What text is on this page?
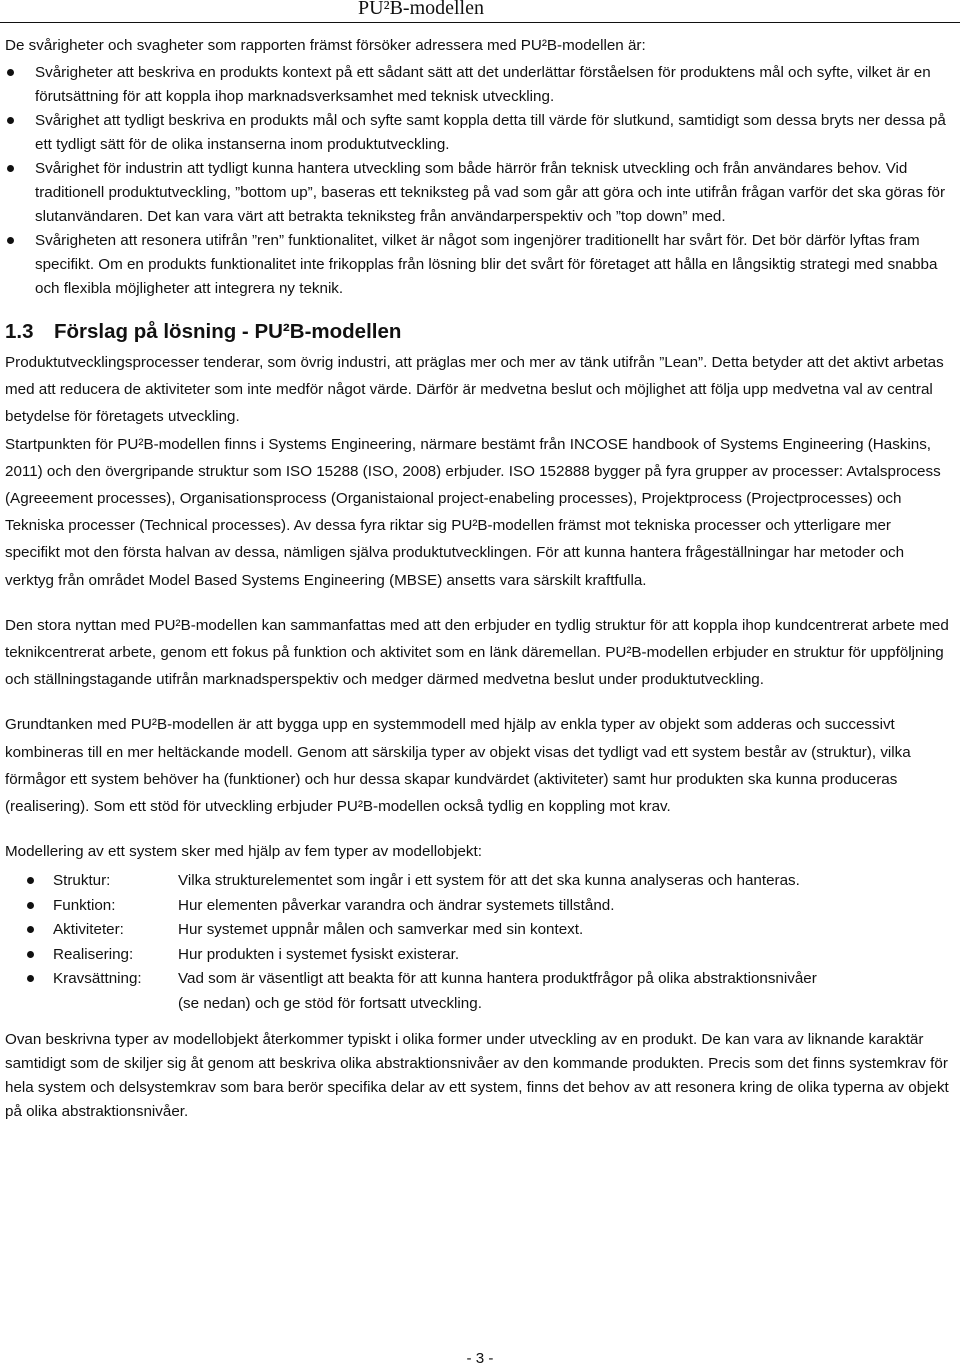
PU²B-modellen

De svårigheter och svagheter som rapporten främst försöker adressera med PU²B-modellen är:

Svårigheter att beskriva en produkts kontext på ett sådant sätt att det underlättar förståelsen för produktens mål och syfte, vilket är en förutsättning för att koppla ihop marknadsverksamhet med teknisk utveckling.
Svårighet att tydligt beskriva en produkts mål och syfte samt koppla detta till värde för slutkund, samtidigt som dessa bryts ner dessa på ett tydligt sätt för de olika instanserna inom produktutveckling.
Svårighet för industrin att tydligt kunna hantera utveckling som både härrör från teknisk utveckling och från användares behov. Vid traditionell produktutveckling, ”bottom up”, baseras ett tekniksteg på vad som går att göra och inte utifrån frågan varför det ska göras för slutanvändaren. Det kan vara värt att betrakta tekniksteg från användarperspektiv och ”top down” med.
Svårigheten att resonera utifrån ”ren” funktionalitet, vilket är något som ingenjörer traditionellt har svårt för. Det bör därför lyftas fram specifikt. Om en produkts funktionalitet inte frikopplas från lösning blir det svårt för företaget att hålla en långsiktig strategi med snabba och flexibla möjligheter att integrera ny teknik.
1.3 Förslag på lösning - PU²B-modellen

Produktutvecklingsprocesser tenderar, som övrig industri, att präglas mer och mer av tänk utifrån ”Lean”. Detta betyder att det aktivt arbetas med att reducera de aktiviteter som inte medför något värde. Därför är medvetna beslut och möjlighet att följa upp medvetna val av central betydelse för företagets utveckling.

Startpunkten för PU²B-modellen finns i Systems Engineering, närmare bestämt från INCOSE handbook of Systems Engineering (Haskins, 2011) och den övergripande struktur som ISO 15288 (ISO, 2008) erbjuder. ISO 152888 bygger på fyra grupper av processer: Avtalsprocess (Agreeement processes), Organisationsprocess (Organistaional project-enabeling processes), Projektprocess (Projectprocesses) och Tekniska processer (Technical processes). Av dessa fyra riktar sig PU²B-modellen främst mot tekniska processer och ytterligare mer specifikt mot den första halvan av dessa, nämligen själva produktutvecklingen. För att kunna hantera frågeställningar har metoder och verktyg från området Model Based Systems Engineering (MBSE) ansetts vara särskilt kraftfulla.

Den stora nyttan med PU²B-modellen kan sammanfattas med att den erbjuder en tydlig struktur för att koppla ihop kundcentrerat arbete med teknikcentrerat arbete, genom ett fokus på funktion och aktivitet som en länk däremellan. PU²B-modellen erbjuder en struktur för uppföljning och ställningstagande utifrån marknadsperspektiv och medger därmed medvetna beslut under produktutveckling.

Grundtanken med PU²B-modellen är att bygga upp en systemmodell med hjälp av enkla typer av objekt som adderas och successivt kombineras till en mer heltäckande modell. Genom att särskilja typer av objekt visas det tydligt vad ett system består av (struktur), vilka förmågor ett system behöver ha (funktioner) och hur dessa skapar kundvärdet (aktiviteter) samt hur produkten ska kunna produceras (realisering). Som ett stöd för utveckling erbjuder PU²B-modellen också tydlig en koppling mot krav.

Modellering av ett system sker med hjälp av fem typer av modellobjekt:

Struktur:	Vilka strukturelementet som ingår i ett system för att det ska kunna analyseras och hanteras.
Funktion:	Hur elementen påverkar varandra och ändrar systemets tillstånd.
Aktiviteter:	Hur systemet uppnår målen och samverkar med sin kontext.
Realisering:	Hur produkten i systemet fysiskt existerar.
Kravsättning: Vad som är väsentligt att beakta för att kunna hantera produktfrågor på olika abstraktionsnivåer (se nedan) och ge stöd för fortsatt utveckling.

Ovan beskrivna typer av modellobjekt återkommer typiskt i olika former under utveckling av en produkt. De kan vara av liknande karaktär samtidigt som de skiljer sig åt genom att beskriva olika abstraktionsnivåer av den kommande produkten. Precis som det finns systemkrav för hela system och delsystemkrav som bara berör specifika delar av ett system, finns det behov av att resonera kring de olika typerna av objekt på olika abstraktionsnivåer.

- 3 -
